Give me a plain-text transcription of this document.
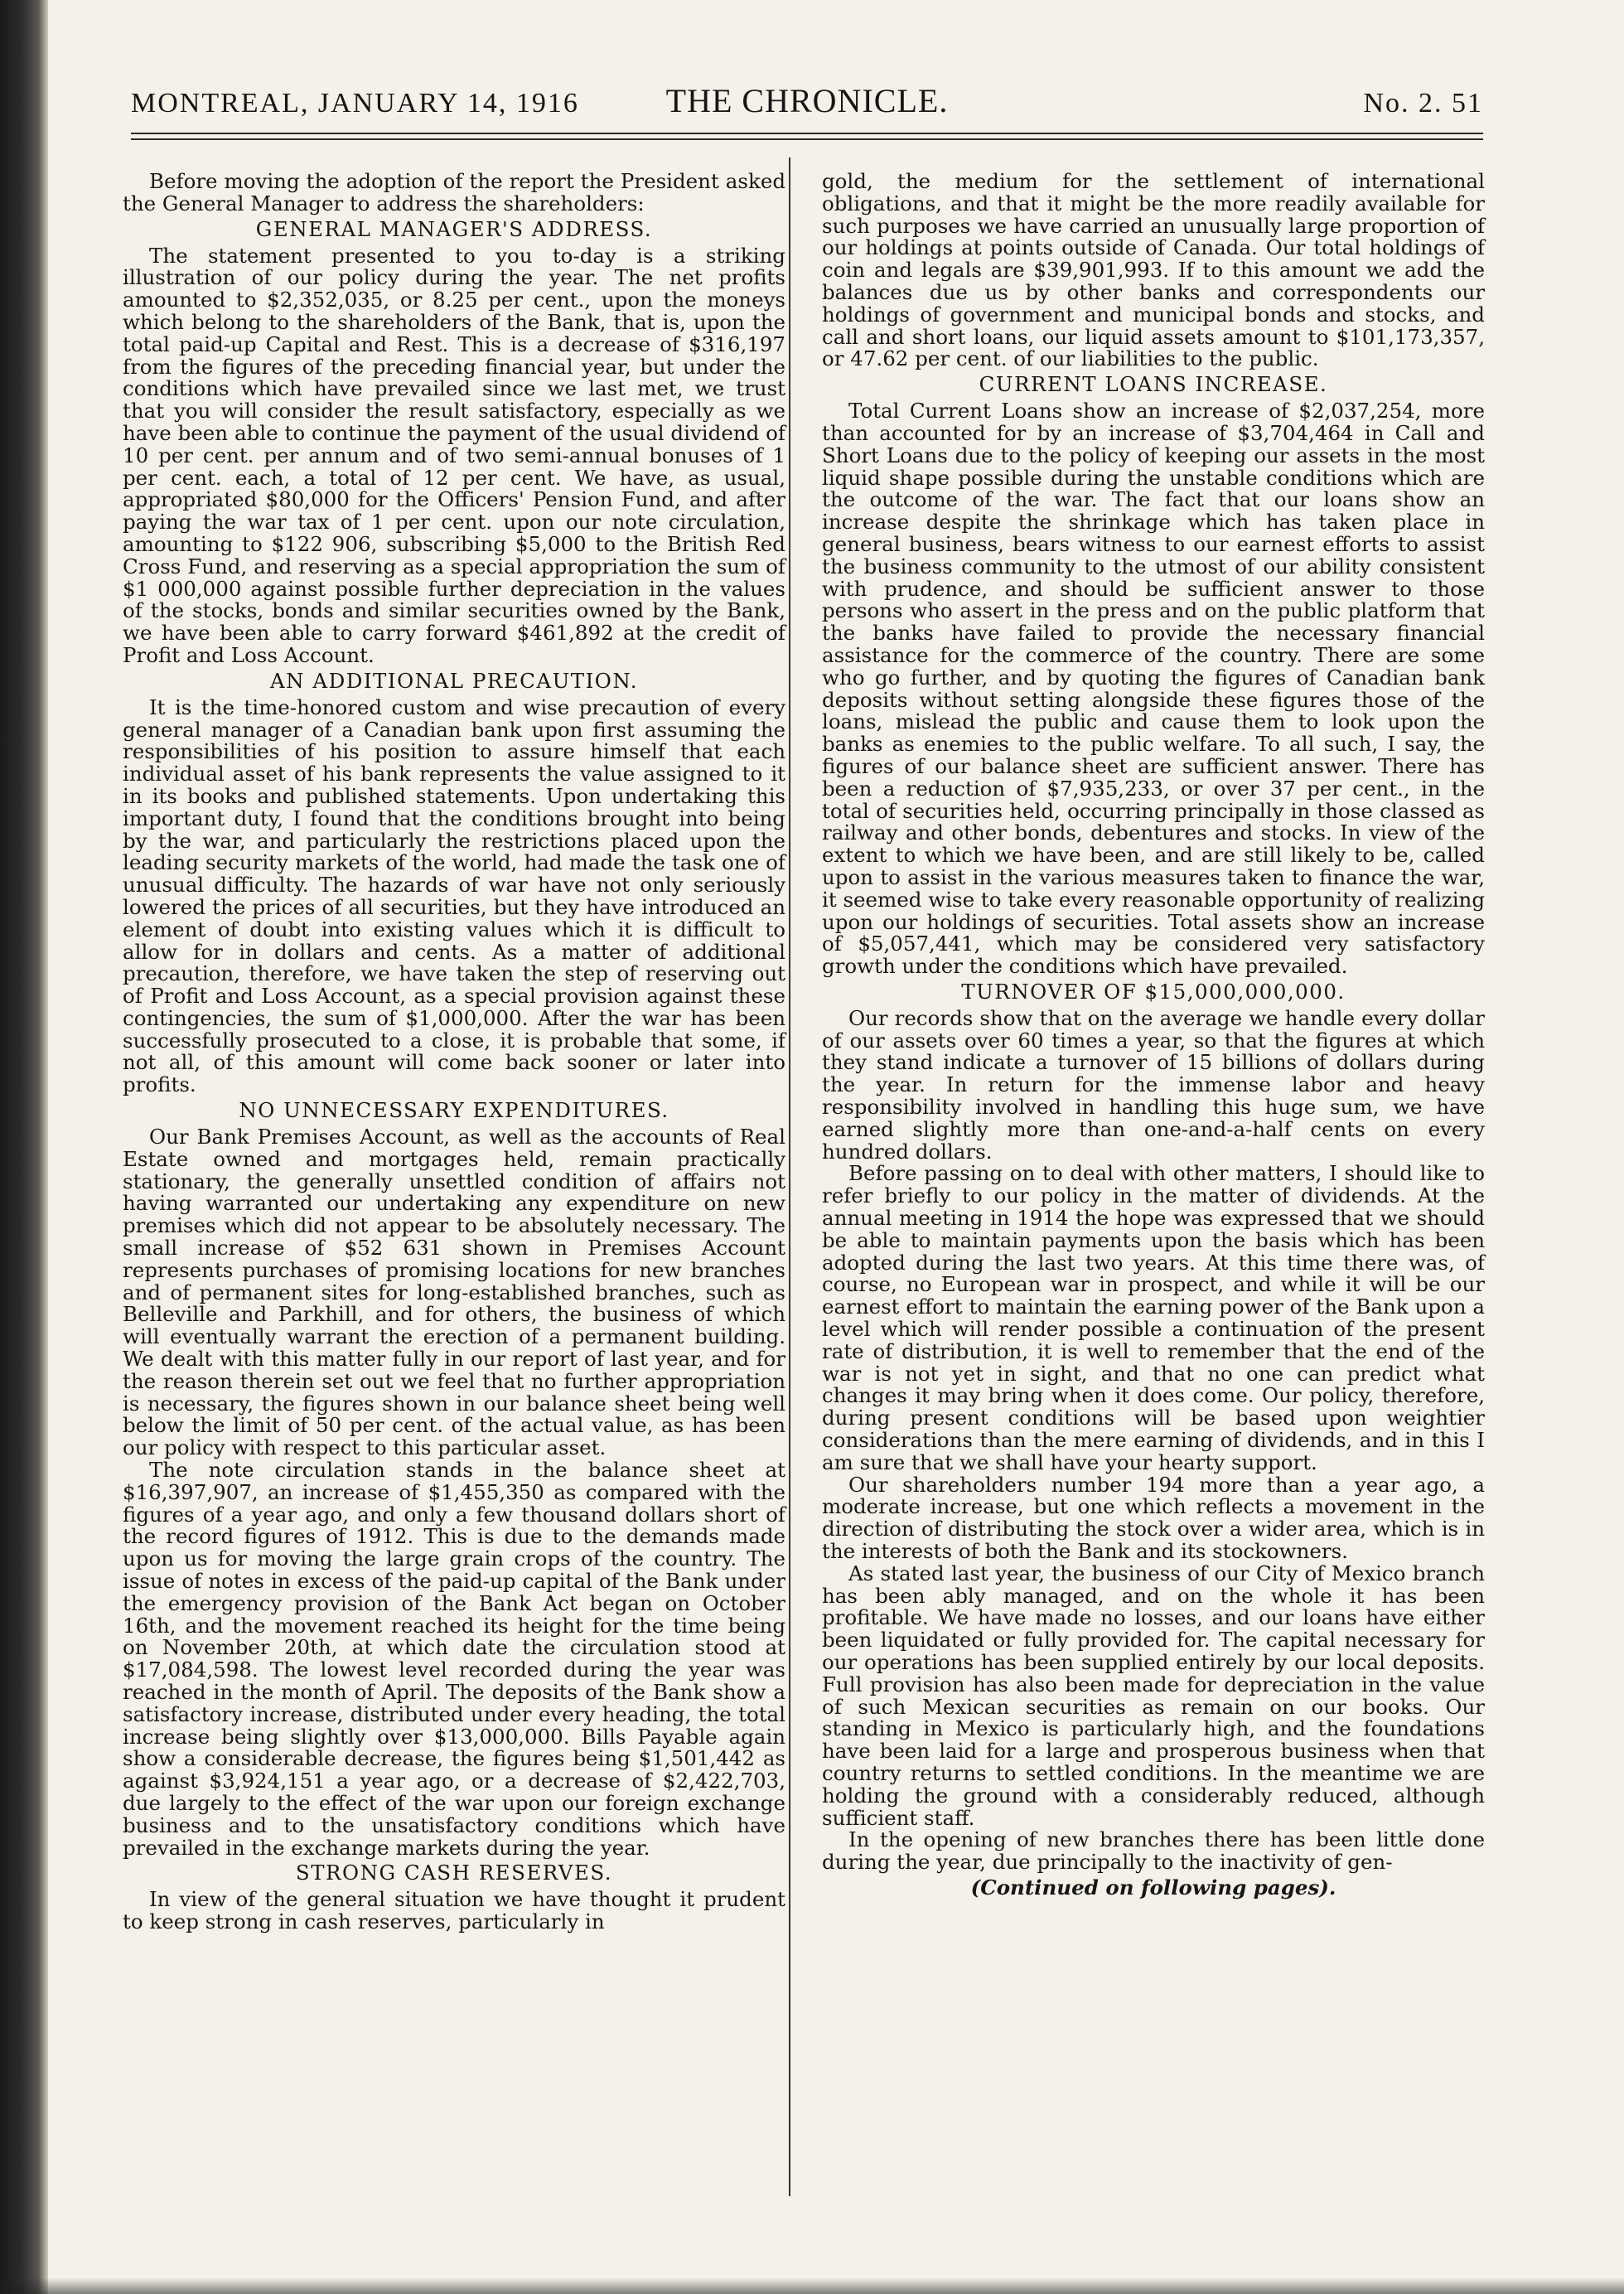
MONTREAL, JANUARY 14, 1916	THE CHRONICLE.	No. 2. 51

Before moving the adoption of the report the President asked the General Manager to address the shareholders:

GENERAL MANAGER'S ADDRESS.

The statement presented to you to-day is a striking illustration of our policy during the year. The net profits amounted to $2,352,035, or 8.25 per cent., upon the moneys which belong to the shareholders of the Bank, that is, upon the total paid-up Capital and Rest. This is a decrease of $316,197 from the figures of the preceding financial year, but under the conditions which have prevailed since we last met, we trust that you will consider the result satisfactory, especially as we have been able to continue the payment of the usual dividend of 10 per cent. per annum and of two semi-annual bonuses of 1 per cent. each, a total of 12 per cent. We have, as usual, appropriated $80,000 for the Officers' Pension Fund, and after paying the war tax of 1 per cent. upon our note circulation, amounting to $122 906, subscribing $5,000 to the British Red Cross Fund, and reserving as a special appropriation the sum of $1 000,000 against possible further depreciation in the values of the stocks, bonds and similar securities owned by the Bank, we have been able to carry forward $461,892 at the credit of Profit and Loss Account.

AN ADDITIONAL PRECAUTION.

It is the time-honored custom and wise precaution of every general manager of a Canadian bank upon first assuming the responsibilities of his position to assure himself that each individual asset of his bank represents the value assigned to it in its books and published statements. Upon undertaking this important duty, I found that the conditions brought into being by the war, and particularly the restrictions placed upon the leading security markets of the world, had made the task one of unusual difficulty. The hazards of war have not only seriously lowered the prices of all securities, but they have introduced an element of doubt into existing values which it is difficult to allow for in dollars and cents. As a matter of additional precaution, therefore, we have taken the step of reserving out of Profit and Loss Account, as a special provision against these contingencies, the sum of $1,000,000. After the war has been successfully prosecuted to a close, it is probable that some, if not all, of this amount will come back sooner or later into profits.

NO UNNECESSARY EXPENDITURES.

Our Bank Premises Account, as well as the accounts of Real Estate owned and mortgages held, remain practically stationary, the generally unsettled condition of affairs not having warranted our undertaking any expenditure on new premises which did not appear to be absolutely necessary. The small increase of $52 631 shown in Premises Account represents purchases of promising locations for new branches and of permanent sites for long-established branches, such as Belleville and Parkhill, and for others, the business of which will eventually warrant the erection of a permanent building. We dealt with this matter fully in our report of last year, and for the reason therein set out we feel that no further appropriation is necessary, the figures shown in our balance sheet being well below the limit of 50 per cent. of the actual value, as has been our policy with respect to this particular asset.

The note circulation stands in the balance sheet at $16,397,907, an increase of $1,455,350 as compared with the figures of a year ago, and only a few thousand dollars short of the record figures of 1912. This is due to the demands made upon us for moving the large grain crops of the country. The issue of notes in excess of the paid-up capital of the Bank under the emergency provision of the Bank Act began on October 16th, and the movement reached its height for the time being on November 20th, at which date the circulation stood at $17,084,598. The lowest level recorded during the year was reached in the month of April. The deposits of the Bank show a satisfactory increase, distributed under every heading, the total increase being slightly over $13,000,000. Bills Payable again show a considerable decrease, the figures being $1,501,442 as against $3,924,151 a year ago, or a decrease of $2,422,703, due largely to the effect of the war upon our foreign exchange business and to the unsatisfactory conditions which have prevailed in the exchange markets during the year.

STRONG CASH RESERVES.

In view of the general situation we have thought it prudent to keep strong in cash reserves, particularly in

gold, the medium for the settlement of international obligations, and that it might be the more readily available for such purposes we have carried an unusually large proportion of our holdings at points outside of Canada. Our total holdings of coin and legals are $39,901,993. If to this amount we add the balances due us by other banks and correspondents our holdings of government and municipal bonds and stocks, and call and short loans, our liquid assets amount to $101,173,357, or 47.62 per cent. of our liabilities to the public.

CURRENT LOANS INCREASE.

Total Current Loans show an increase of $2,037,254, more than accounted for by an increase of $3,704,464 in Call and Short Loans due to the policy of keeping our assets in the most liquid shape possible during the unstable conditions which are the outcome of the war. The fact that our loans show an increase despite the shrinkage which has taken place in general business, bears witness to our earnest efforts to assist the business community to the utmost of our ability consistent with prudence, and should be sufficient answer to those persons who assert in the press and on the public platform that the banks have failed to provide the necessary financial assistance for the commerce of the country. There are some who go further, and by quoting the figures of Canadian bank deposits without setting alongside these figures those of the loans, mislead the public and cause them to look upon the banks as enemies to the public welfare. To all such, I say, the figures of our balance sheet are sufficient answer. There has been a reduction of $7,935,233, or over 37 per cent., in the total of securities held, occurring principally in those classed as railway and other bonds, debentures and stocks. In view of the extent to which we have been, and are still likely to be, called upon to assist in the various measures taken to finance the war, it seemed wise to take every reasonable opportunity of realizing upon our holdings of securities. Total assets show an increase of $5,057,441, which may be considered very satisfactory growth under the conditions which have prevailed.

TURNOVER OF $15,000,000,000.

Our records show that on the average we handle every dollar of our assets over 60 times a year, so that the figures at which they stand indicate a turnover of 15 billions of dollars during the year. In return for the immense labor and heavy responsibility involved in handling this huge sum, we have earned slightly more than one-and-a-half cents on every hundred dollars.

Before passing on to deal with other matters, I should like to refer briefly to our policy in the matter of dividends. At the annual meeting in 1914 the hope was expressed that we should be able to maintain payments upon the basis which has been adopted during the last two years. At this time there was, of course, no European war in prospect, and while it will be our earnest effort to maintain the earning power of the Bank upon a level which will render possible a continuation of the present rate of distribution, it is well to remember that the end of the war is not yet in sight, and that no one can predict what changes it may bring when it does come. Our policy, therefore, during present conditions will be based upon weightier considerations than the mere earning of dividends, and in this I am sure that we shall have your hearty support.

Our shareholders number 194 more than a year ago, a moderate increase, but one which reflects a movement in the direction of distributing the stock over a wider area, which is in the interests of both the Bank and its stockowners.

As stated last year, the business of our City of Mexico branch has been ably managed, and on the whole it has been profitable. We have made no losses, and our loans have either been liquidated or fully provided for. The capital necessary for our operations has been supplied entirely by our local deposits. Full provision has also been made for depreciation in the value of such Mexican securities as remain on our books. Our standing in Mexico is particularly high, and the foundations have been laid for a large and prosperous business when that country returns to settled conditions. In the meantime we are holding the ground with a considerably reduced, although sufficient staff.

In the opening of new branches there has been little done during the year, due principally to the inactivity of gen-

(Continued on following pages).
